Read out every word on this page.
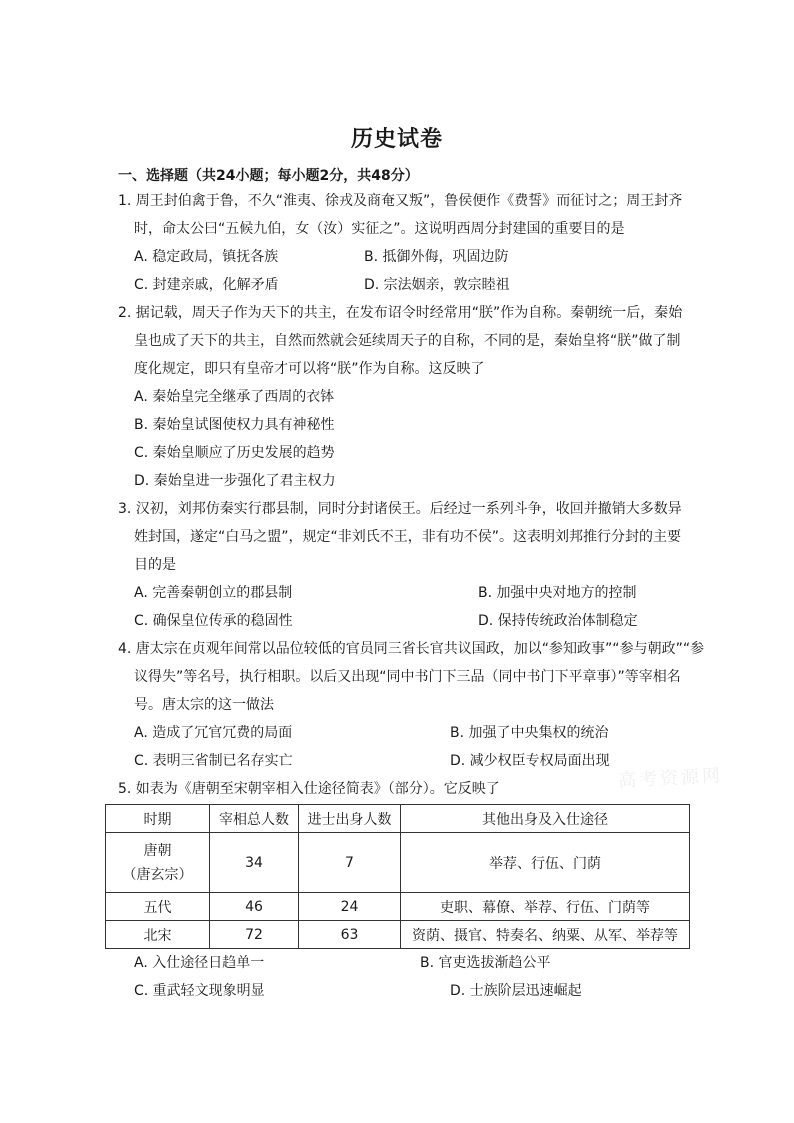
历史试卷
一、选择题（共24小题；每小题2分，共48分）
1. 周王封伯禽于鲁，不久“淮夷、徐戎及商奄又叛”，鲁侯便作《费誓》而征讨之；周王封齐
时，命太公曰“五候九伯，女（汝）实征之”。这说明西周分封建国的重要目的是
A. 稳定政局，镇抚各族	B. 抵御外侮，巩固边防
C. 封建亲戚，化解矛盾	D. 宗法姻亲，敦宗睦祖
2. 据记载，周天子作为天下的共主，在发布诏令时经常用“朕”作为自称。秦朝统一后，秦始
皇也成了天下的共主，自然而然就会延续周天子的自称，不同的是，秦始皇将“朕”做了制
度化规定，即只有皇帝才可以将“朕”作为自称。这反映了
A. 秦始皇完全继承了西周的衣钵
B. 秦始皇试图使权力具有神秘性
C. 秦始皇顺应了历史发展的趋势
D. 秦始皇进一步强化了君主权力
3. 汉初，刘邦仿秦实行郡县制，同时分封诸侯王。后经过一系列斗争，收回并撤销大多数异
姓封国，遂定“白马之盟”，规定“非刘氏不王，非有功不侯”。这表明刘邦推行分封的主要
目的是
A. 完善秦朝创立的郡县制	B. 加强中央对地方的控制
C. 确保皇位传承的稳固性	D. 保持传统政治体制稳定
4. 唐太宗在贞观年间常以品位较低的官员同三省长官共议国政，加以“参知政事”“参与朝政”“参
议得失”等名号，执行相职。以后又出现“同中书门下三品（同中书门下平章事）”等宰相名
号。唐太宗的这一做法
A. 造成了冗官冗费的局面	B. 加强了中央集权的统治
C. 表明三省制已名存实亡	D. 减少权臣专权局面出现
高考资源网
5. 如表为《唐朝至宋朝宰相入仕途径简表》（部分）。它反映了
时期	宰相总人数	进士出身人数	其他出身及入仕途径

唐朝
（唐玄宗）	34	7	举荐、行伍、门荫
五代	46	24	吏职、幕僚、举荐、行伍、门荫等
北宋	72	63	资荫、摄官、特奏名、纳粟、从军、举荐等
A. 入仕途径日趋单一	B. 官吏选拔渐趋公平
C. 重武轻文现象明显	D. 士族阶层迅速崛起
